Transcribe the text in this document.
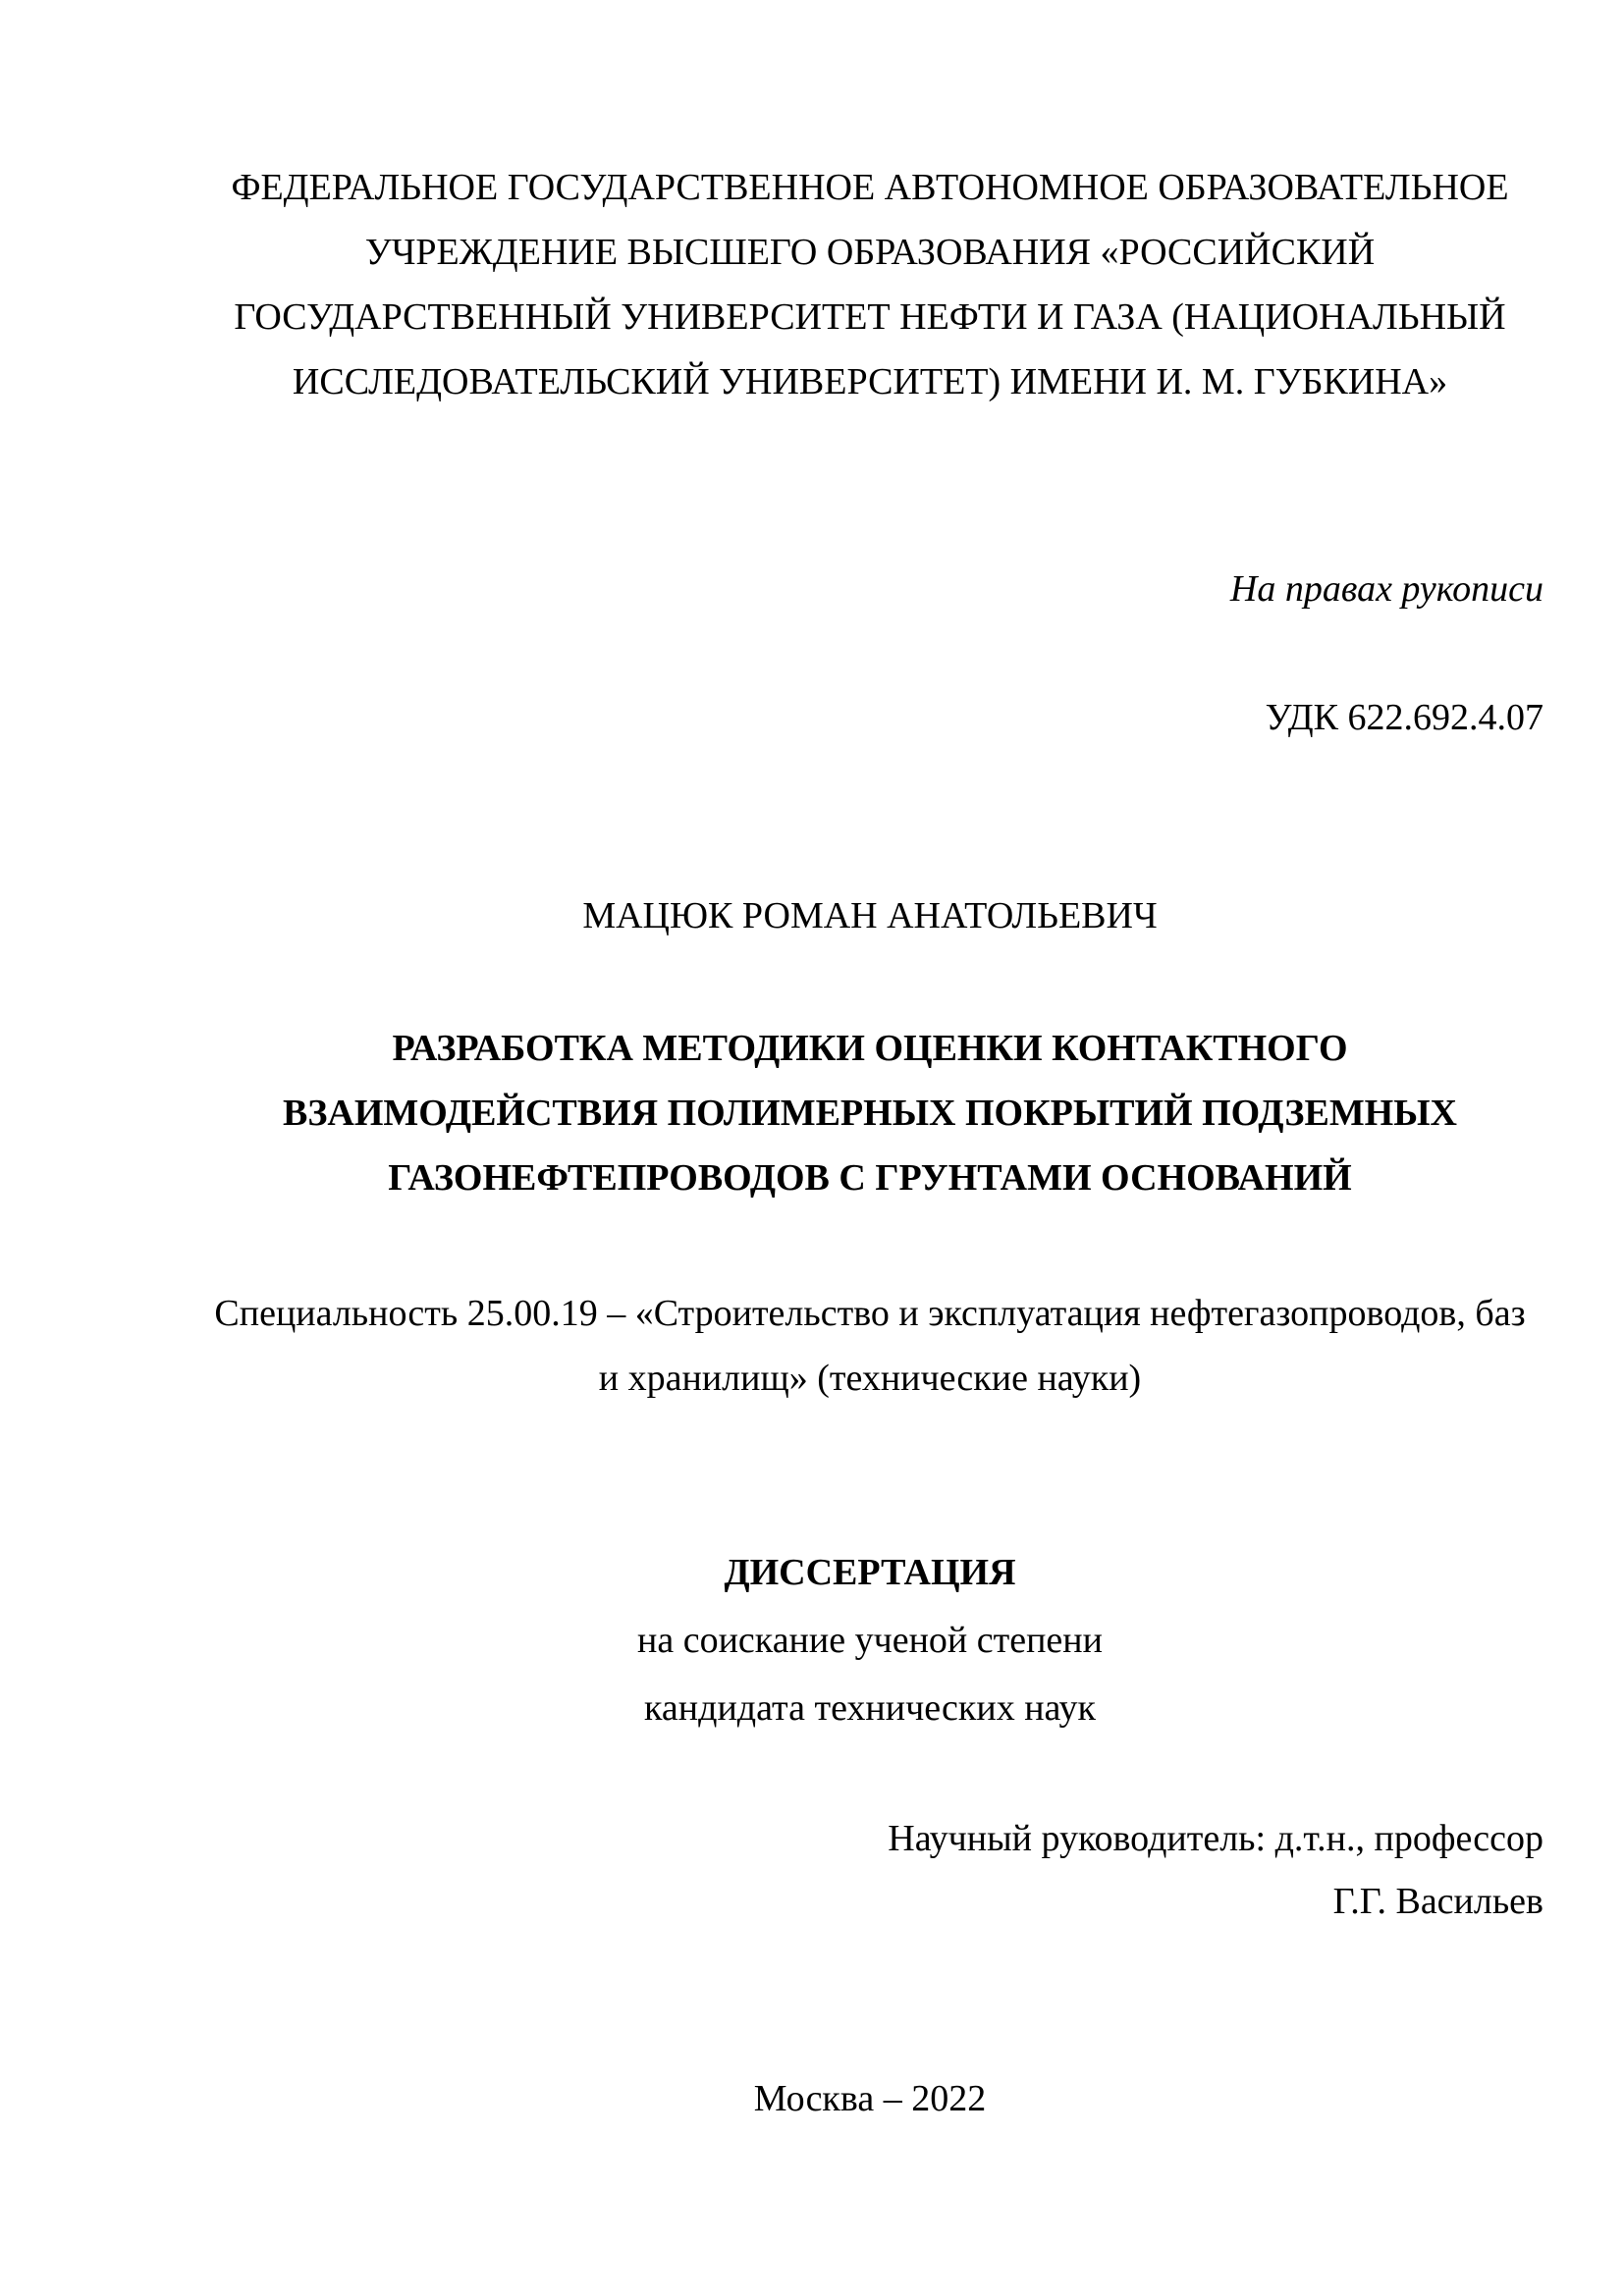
ФЕДЕРАЛЬНОЕ ГОСУДАРСТВЕННОЕ АВТОНОМНОЕ ОБРАЗОВАТЕЛЬНОЕ
УЧРЕЖДЕНИЕ ВЫСШЕГО ОБРАЗОВАНИЯ «РОССИЙСКИЙ
ГОСУДАРСТВЕННЫЙ УНИВЕРСИТЕТ НЕФТИ И ГАЗА (НАЦИОНАЛЬНЫЙ
ИССЛЕДОВАТЕЛЬСКИЙ УНИВЕРСИТЕТ) ИМЕНИ И. М. ГУБКИНА»
На правах рукописи
УДК 622.692.4.07
МАЦЮК РОМАН АНАТОЛЬЕВИЧ
РАЗРАБОТКА МЕТОДИКИ ОЦЕНКИ КОНТАКТНОГО
ВЗАИМОДЕЙСТВИЯ ПОЛИМЕРНЫХ ПОКРЫТИЙ ПОДЗЕМНЫХ
ГАЗОНЕФТЕПРОВОДОВ С ГРУНТАМИ ОСНОВАНИЙ
Специальность 25.00.19 – «Строительство и эксплуатация нефтегазопроводов, баз
и хранилищ» (технические науки)
ДИССЕРТАЦИЯ
на соискание ученой степени
кандидата технических наук
Научный руководитель: д.т.н., профессор
Г.Г. Васильев
Москва – 2022
